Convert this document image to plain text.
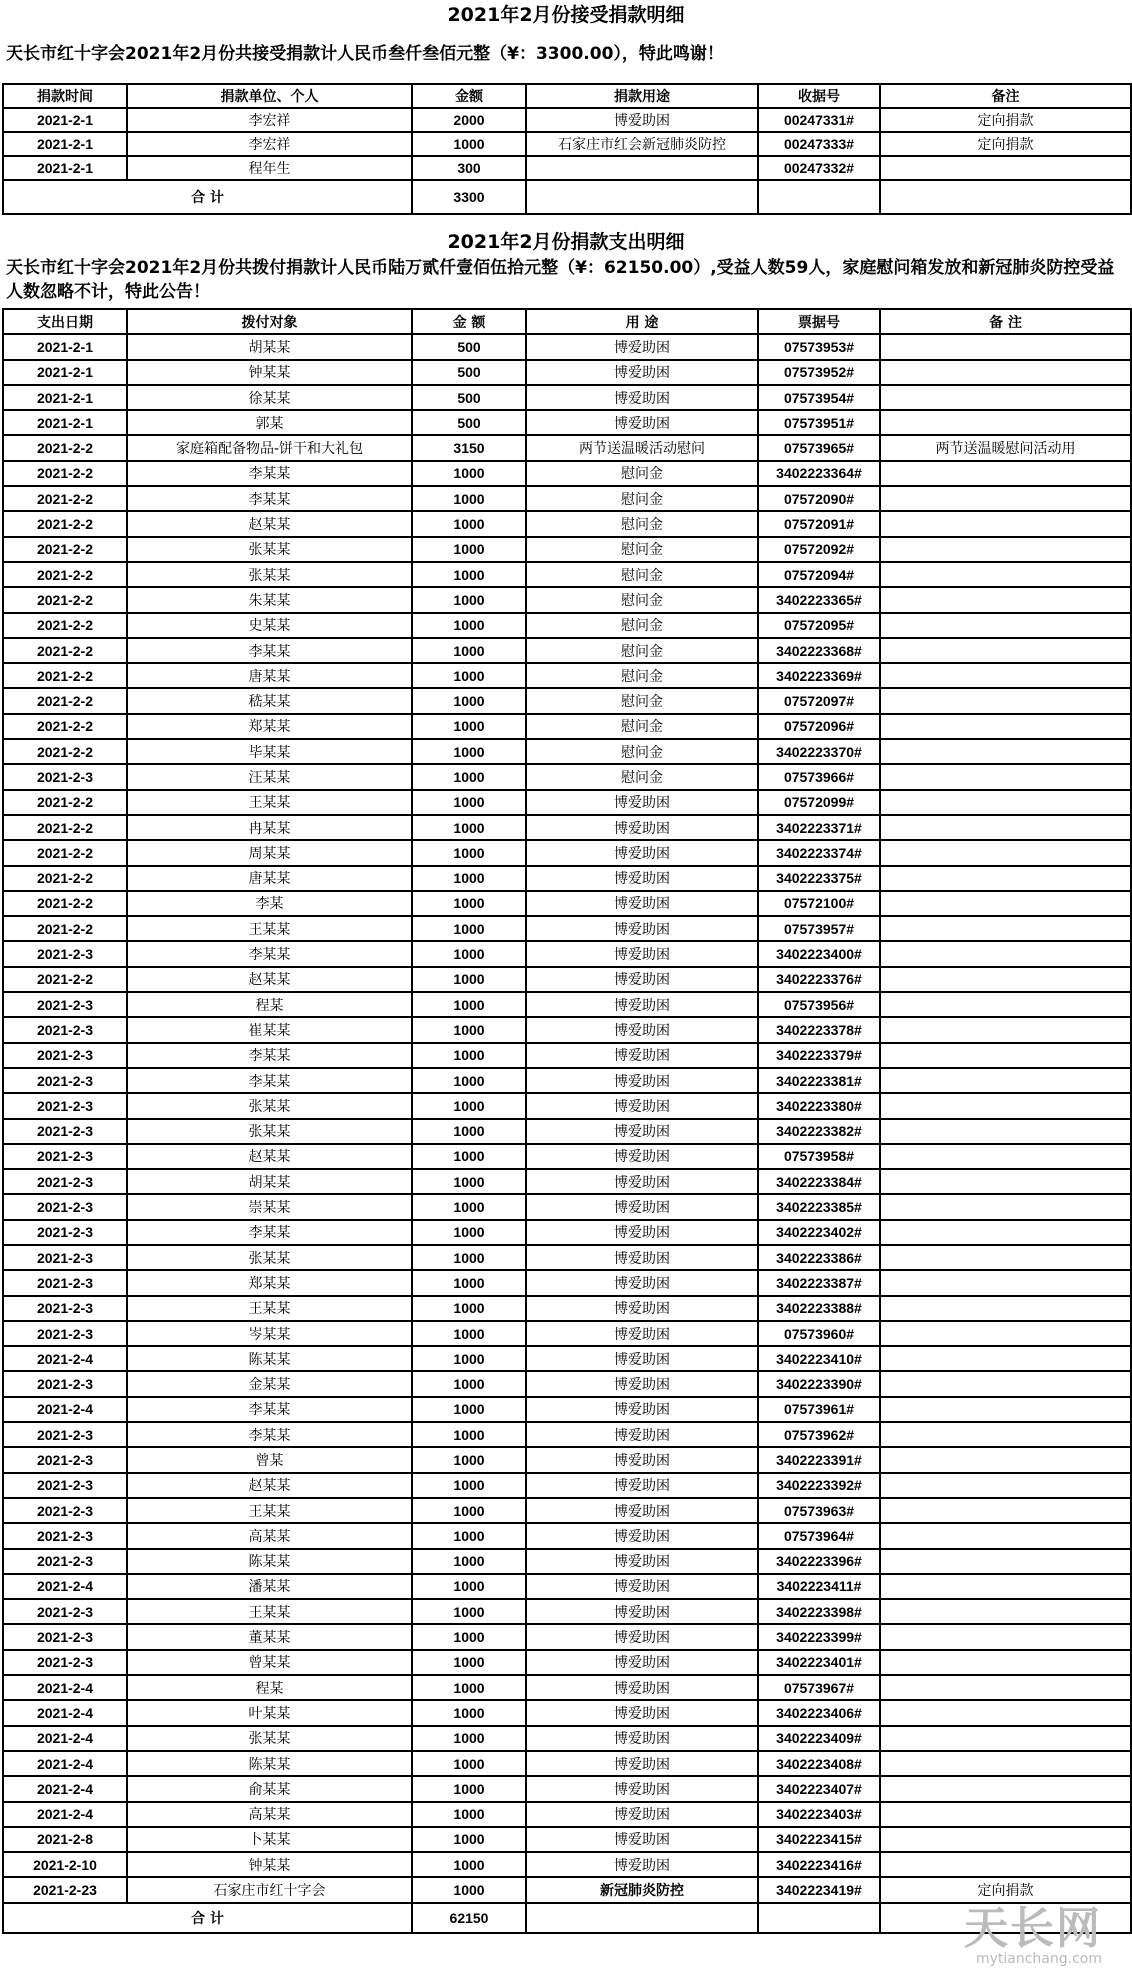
2021年2月份接受捐款明细
天长市红十字会2021年2月份共接受捐款计人民币叁仟叁佰元整（¥：3300.00），特此鸣谢！
捐款时间	捐款单位、个人	金额	捐款用途	收据号	备注
2021-2-1	李宏祥	2000	博爱助困	00247331#	定向捐款
2021-2-1	李宏祥	1000	石家庄市红会新冠肺炎防控	00247333#	定向捐款
2021-2-1	程年生	300		00247332#	
合 计		3300			
2021年2月份捐款支出明细
天长市红十字会2021年2月份共拨付捐款计人民币陆万贰仟壹佰伍拾元整（¥：62150.00）,受益人数59人，家庭慰问箱发放和新冠肺炎防控受益人数忽略不计，特此公告！
支出日期	拨付对象	金 额	用 途	票据号	备 注
2021-2-1	胡某某	500	博爱助困	07573953#	
2021-2-1	钟某某	500	博爱助困	07573952#	
2021-2-1	徐某某	500	博爱助困	07573954#	
2021-2-1	郭某	500	博爱助困	07573951#	
2021-2-2	家庭箱配备物品-饼干和大礼包	3150	两节送温暖活动慰问	07573965#	两节送温暖慰问活动用
2021-2-2	李某某	1000	慰问金	3402223364#	
2021-2-2	李某某	1000	慰问金	07572090#	
2021-2-2	赵某某	1000	慰问金	07572091#	
2021-2-2	张某某	1000	慰问金	07572092#	
2021-2-2	张某某	1000	慰问金	07572094#	
2021-2-2	朱某某	1000	慰问金	3402223365#	
2021-2-2	史某某	1000	慰问金	07572095#	
2021-2-2	李某某	1000	慰问金	3402223368#	
2021-2-2	唐某某	1000	慰问金	3402223369#	
2021-2-2	嵇某某	1000	慰问金	07572097#	
2021-2-2	郑某某	1000	慰问金	07572096#	
2021-2-2	毕某某	1000	慰问金	3402223370#	
2021-2-3	汪某某	1000	慰问金	07573966#	
2021-2-2	王某某	1000	博爱助困	07572099#	
2021-2-2	冉某某	1000	博爱助困	3402223371#	
2021-2-2	周某某	1000	博爱助困	3402223374#	
2021-2-2	唐某某	1000	博爱助困	3402223375#	
2021-2-2	李某	1000	博爱助困	07572100#	
2021-2-2	王某某	1000	博爱助困	07573957#	
2021-2-3	李某某	1000	博爱助困	3402223400#	
2021-2-2	赵某某	1000	博爱助困	3402223376#	
2021-2-3	程某	1000	博爱助困	07573956#	
2021-2-3	崔某某	1000	博爱助困	3402223378#	
2021-2-3	李某某	1000	博爱助困	3402223379#	
2021-2-3	李某某	1000	博爱助困	3402223381#	
2021-2-3	张某某	1000	博爱助困	3402223380#	
2021-2-3	张某某	1000	博爱助困	3402223382#	
2021-2-3	赵某某	1000	博爱助困	07573958#	
2021-2-3	胡某某	1000	博爱助困	3402223384#	
2021-2-3	崇某某	1000	博爱助困	3402223385#	
2021-2-3	李某某	1000	博爱助困	3402223402#	
2021-2-3	张某某	1000	博爱助困	3402223386#	
2021-2-3	郑某某	1000	博爱助困	3402223387#	
2021-2-3	王某某	1000	博爱助困	3402223388#	
2021-2-3	岑某某	1000	博爱助困	07573960#	
2021-2-4	陈某某	1000	博爱助困	3402223410#	
2021-2-3	金某某	1000	博爱助困	3402223390#	
2021-2-4	李某某	1000	博爱助困	07573961#	
2021-2-3	李某某	1000	博爱助困	07573962#	
2021-2-3	曾某	1000	博爱助困	3402223391#	
2021-2-3	赵某某	1000	博爱助困	3402223392#	
2021-2-3	王某某	1000	博爱助困	07573963#	
2021-2-3	高某某	1000	博爱助困	07573964#	
2021-2-3	陈某某	1000	博爱助困	3402223396#	
2021-2-4	潘某某	1000	博爱助困	3402223411#	
2021-2-3	王某某	1000	博爱助困	3402223398#	
2021-2-3	董某某	1000	博爱助困	3402223399#	
2021-2-3	曾某某	1000	博爱助困	3402223401#	
2021-2-4	程某	1000	博爱助困	07573967#	
2021-2-4	叶某某	1000	博爱助困	3402223406#	
2021-2-4	张某某	1000	博爱助困	3402223409#	
2021-2-4	陈某某	1000	博爱助困	3402223408#	
2021-2-4	俞某某	1000	博爱助困	3402223407#	
2021-2-4	高某某	1000	博爱助困	3402223403#	
2021-2-8	卜某某	1000	博爱助困	3402223415#	
2021-2-10	钟某某	1000	博爱助困	3402223416#	
2021-2-23	石家庄市红十字会	1000	新冠肺炎防控	3402223419#	定向捐款
合 计		62150				天长网
mytianchang.com
